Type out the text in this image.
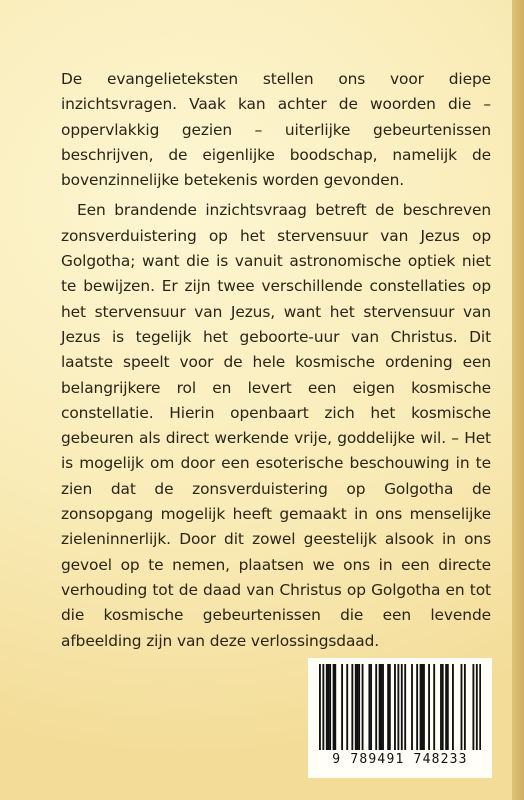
De evangelieteksten stellen ons voor diepe inzichtsvragen. Vaak kan achter de woorden die – oppervlakkig gezien – uiterlijke gebeurtenissen beschrijven, de eigenlijke boodschap, namelijk de bovenzinnelijke betekenis worden gevonden.

Een brandende inzichtsvraag betreft de beschreven zonsverduistering op het stervensuur van Jezus op Golgotha; want die is vanuit astronomische optiek niet te bewijzen. Er zijn twee verschillende constellaties op het stervensuur van Jezus, want het stervensuur van Jezus is tegelijk het geboorte-uur van Christus. Dit laatste speelt voor de hele kosmische ordening een belangrijkere rol en levert een eigen kosmische constellatie. Hierin openbaart zich het kosmische gebeuren als direct werkende vrije, goddelijke wil. – Het is mogelijk om door een esoterische beschouwing in te zien dat de zonsverduistering op Golgotha de zonsopgang mogelijk heeft gemaakt in ons menselijke zieleninnerlijk. Door dit zowel geestelijk alsook in ons gevoel op te nemen, plaatsen we ons in een directe verhouding tot de daad van Christus op Golgotha en tot die kosmische gebeurtenissen die een levende afbeelding zijn van deze verlossingsdaad.

9 789491 748233
